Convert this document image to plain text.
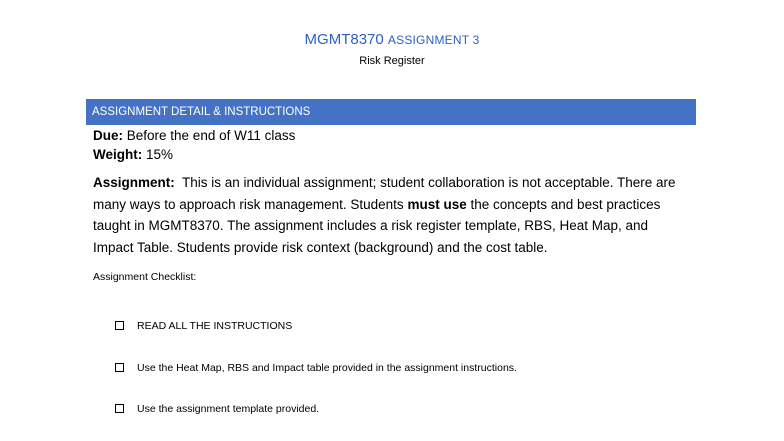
MGMT8370 ASSIGNMENT 3
Risk Register
ASSIGNMENT DETAIL & INSTRUCTIONS
Due: Before the end of W11 class
Weight: 15%
Assignment: This is an individual assignment; student collaboration is not acceptable. There are many ways to approach risk management. Students must use the concepts and best practices taught in MGMT8370. The assignment includes a risk register template, RBS, Heat Map, and Impact Table. Students provide risk context (background) and the cost table.
Assignment Checklist:
READ ALL THE INSTRUCTIONS
Use the Heat Map, RBS and Impact table provided in the assignment instructions.
Use the assignment template provided.
